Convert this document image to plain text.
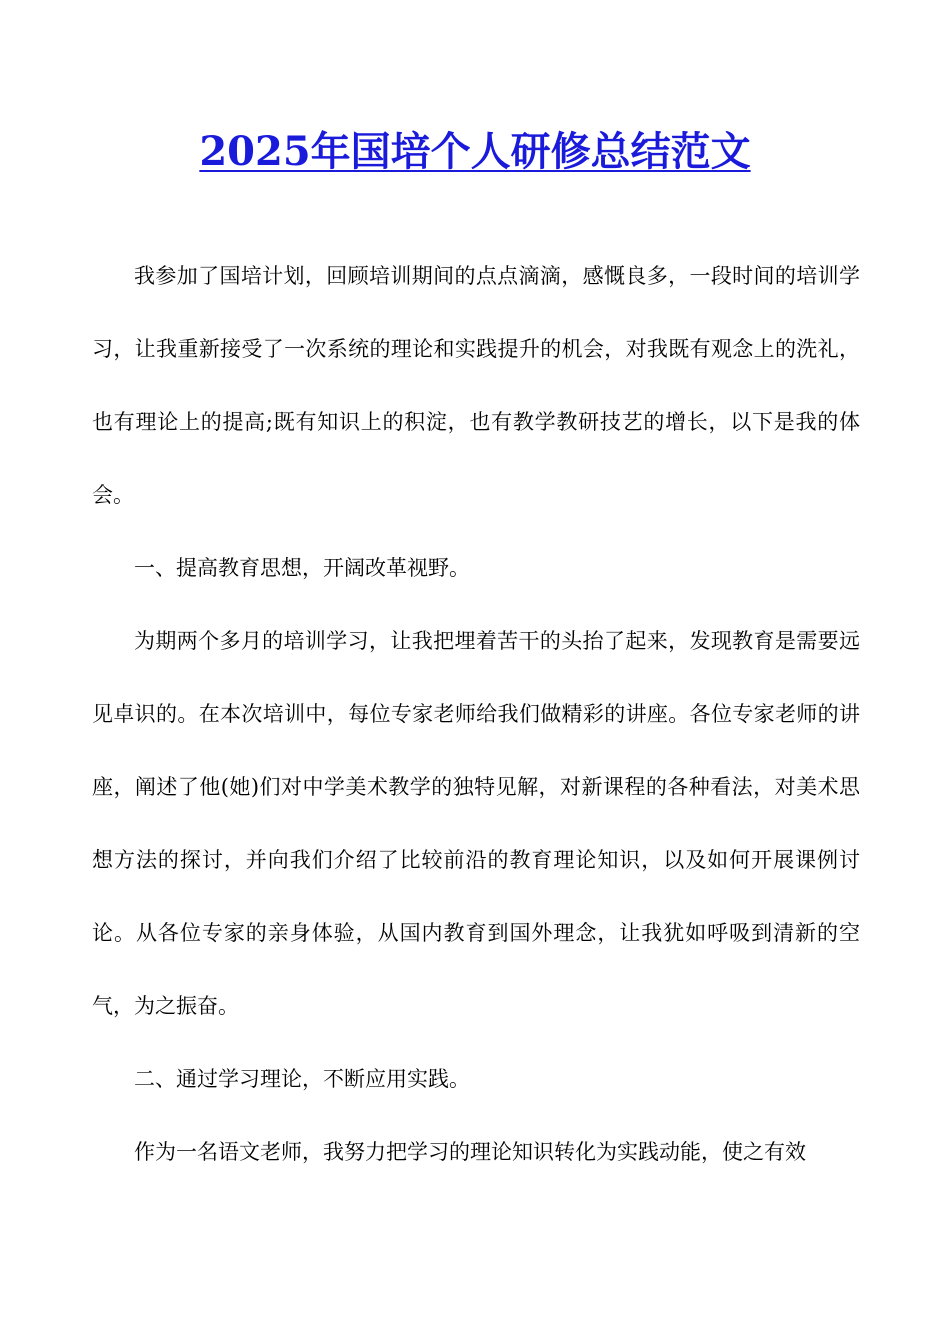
2025年国培个人研修总结范文

我参加了国培计划，回顾培训期间的点点滴滴，感慨良多，一段时间的培训学习，让我重新接受了一次系统的理论和实践提升的机会，对我既有观念上的洗礼，也有理论上的提高;既有知识上的积淀，也有教学教研技艺的增长，以下是我的体会。

一、提高教育思想，开阔改革视野。

为期两个多月的培训学习，让我把埋着苦干的头抬了起来，发现教育是需要远见卓识的。在本次培训中，每位专家老师给我们做精彩的讲座。各位专家老师的讲座，阐述了他(她)们对中学美术教学的独特见解，对新课程的各种看法，对美术思想方法的探讨，并向我们介绍了比较前沿的教育理论知识，以及如何开展课例讨论。从各位专家的亲身体验，从国内教育到国外理念，让我犹如呼吸到清新的空气，为之振奋。

二、通过学习理论，不断应用实践。

作为一名语文老师，我努力把学习的理论知识转化为实践动能，使之有效
